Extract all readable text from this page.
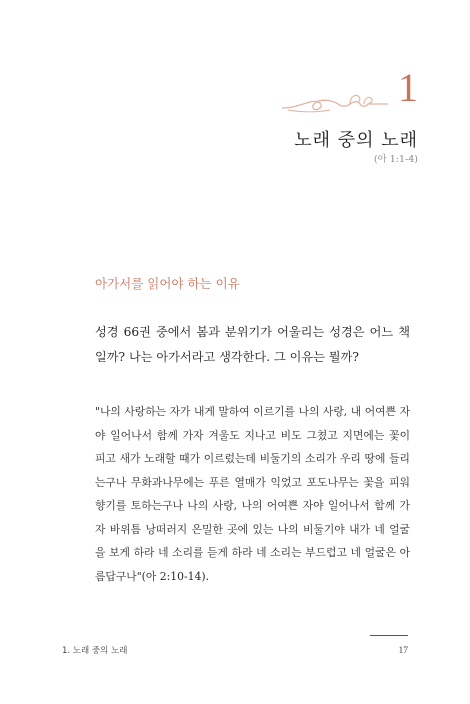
1
노래 중의 노래
(아 1:1-4)
아가서를 읽어야 하는 이유
성경 66권 중에서 봄과 분위기가 어울리는 성경은 어느 책일까? 나는 아가서라고 생각한다. 그 이유는 뭘까?
"나의 사랑하는 자가 내게 말하여 이르기를 나의 사랑, 내 어여쁜 자야 일어나서 함께 가자 겨울도 지나고 비도 그쳤고 지면에는 꽃이 피고 새가 노래할 때가 이르렀는데 비둘기의 소리가 우리 땅에 들리는구나 무화과나무에는 푸른 열매가 익었고 포도나무는 꽃을 피워 향기를 토하는구나 나의 사랑, 나의 어여쁜 자야 일어나서 함께 가자 바위틈 낭떠러지 은밀한 곳에 있는 나의 비둘기야 내가 네 얼굴을 보게 하라 네 소리를 듣게 하라 네 소리는 부드럽고 네 얼굴은 아름답구나"(아 2:10-14).
1. 노래 중의 노래	17
